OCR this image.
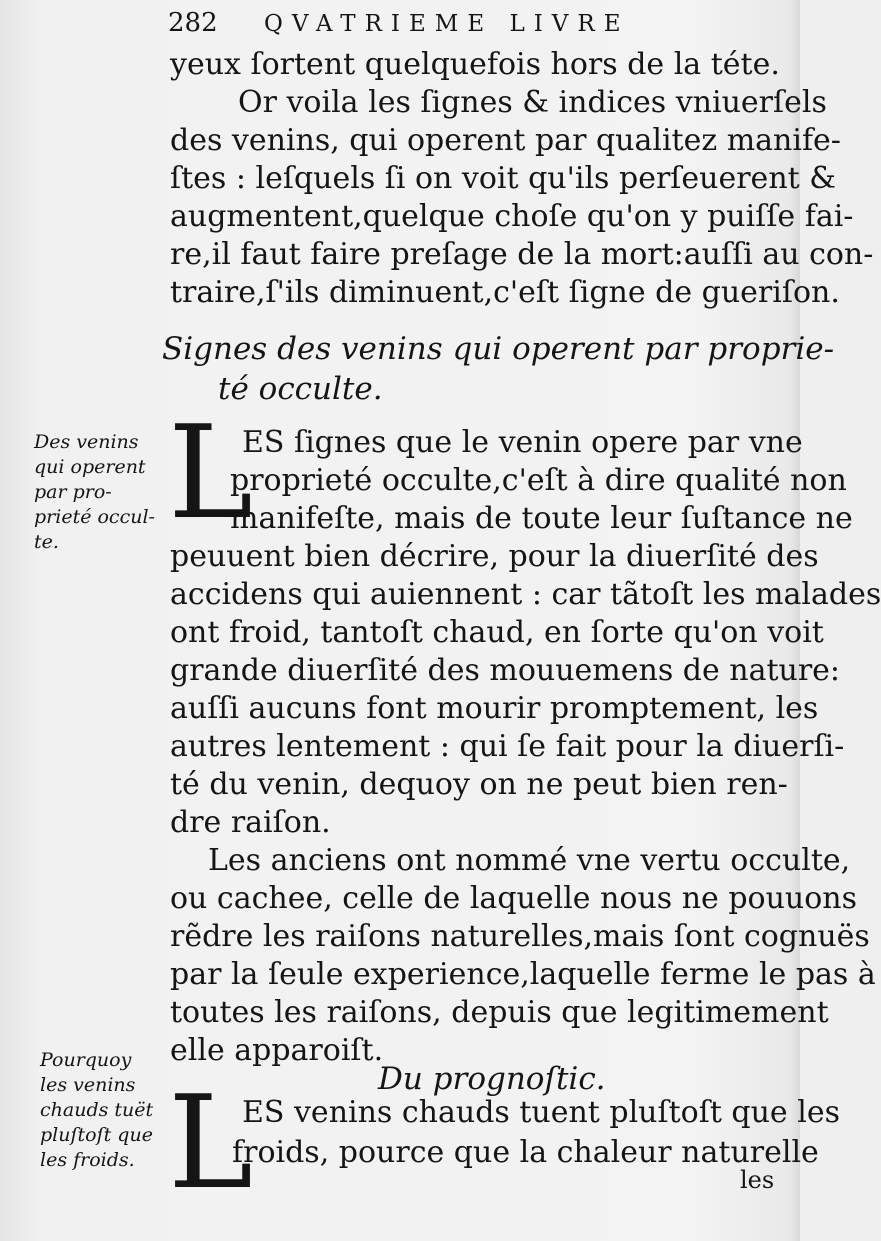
282 QVATRIEME LIVRE
yeux ſortent quelquefois hors de la téte.
Or voila les ſignes & indices vniuerſels
des venins, qui operent par qualitez manife-
ſtes : leſquels ſi on voit qu'ils perſeuerent &
augmentent,quelque choſe qu'on y puiſſe fai-
re,il faut faire preſage de la mort:auſſi au con-
traire,ſ'ils diminuent,c'eſt ſigne de gueriſon.
Signes des venins qui operent par proprie-
té occulte.
Des venins
qui operent
par pro-
prieté occul-
te. L
ES ſignes que le venin opere par vne
proprieté occulte,c'eſt à dire qualité non
manifeſte, mais de toute leur ſuſtance ne
peuuent bien décrire, pour la diuerſité des
accidens qui auiennent : car tãtoſt les malades
ont froid, tantoſt chaud, en ſorte qu'on voit
grande diuerſité des mouuemens de nature:
auſſi aucuns font mourir promptement, les
autres lentement : qui ſe fait pour la diuerſi-
té du venin, dequoy on ne peut bien ren-
dre raiſon.
Les anciens ont nommé vne vertu occulte,
ou cachee, celle de laquelle nous ne pouuons
rẽdre les raiſons naturelles,mais ſont cognuës
par la ſeule experience,laquelle ferme le pas à
toutes les raiſons, depuis que legitimement
elle apparoiſt.
Du prognoſtic.
Pourquoy
les venins
chauds tuët
pluſtoſt que
les froids. L
ES venins chauds tuent pluſtoſt que les
froids, pource que la chaleur naturelle
les
